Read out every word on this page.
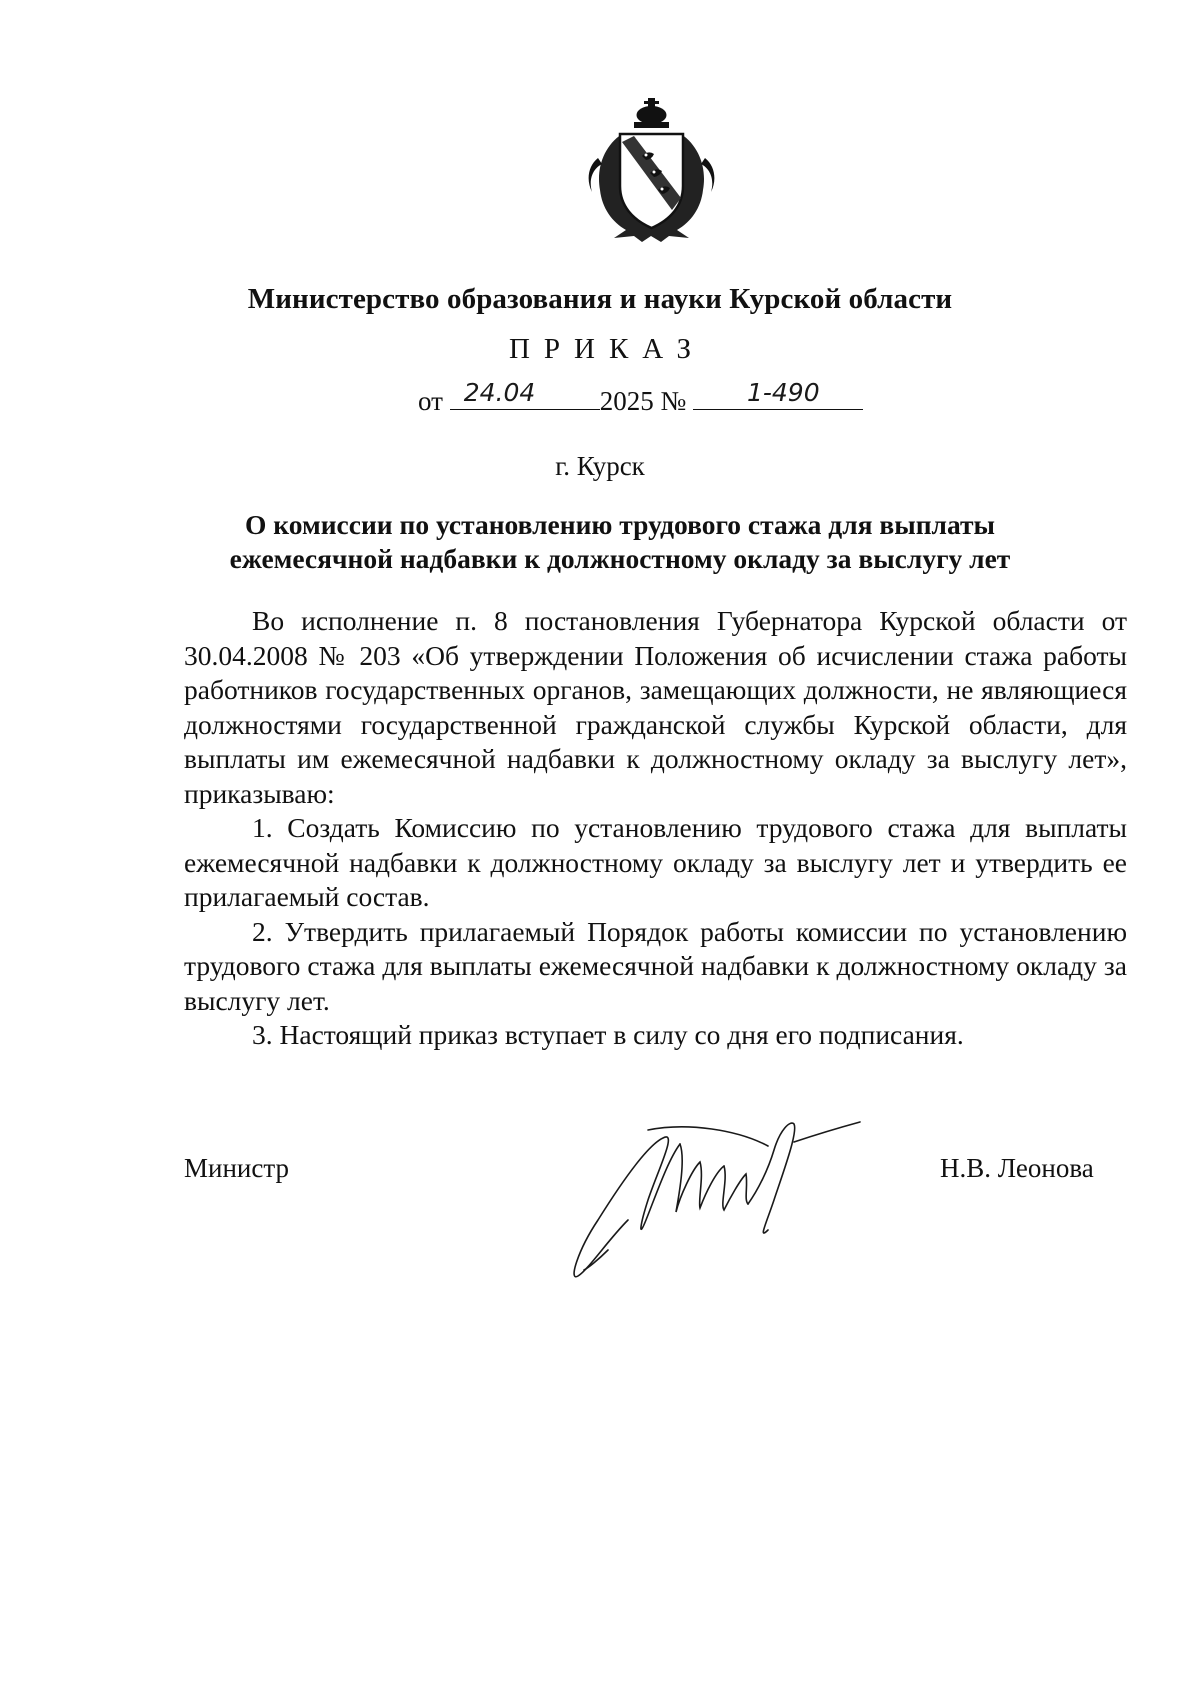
Министерство образования и науки Курской области
ПРИКАЗ
от 24.04 2025 № 1-490
г. Курск
О комиссии по установлению трудового стажа для выплаты
ежемесячной надбавки к должностному окладу за выслугу лет

Во исполнение п. 8 постановления Губернатора Курской области от 30.04.2008 № 203 «Об утверждении Положения об исчислении стажа работы работников государственных органов, замещающих должности, не являющиеся должностями государственной гражданской службы Курской области, для выплаты им ежемесячной надбавки к должностному окладу за выслугу лет», приказываю:

1. Создать Комиссию по установлению трудового стажа для выплаты ежемесячной надбавки к должностному окладу за выслугу лет и утвердить ее прилагаемый состав.

2. Утвердить прилагаемый Порядок работы комиссии по установлению трудового стажа для выплаты ежемесячной надбавки к должностному окладу за выслугу лет.

3. Настоящий приказ вступает в силу со дня его подписания.

Министр	Н.В. Леонова
